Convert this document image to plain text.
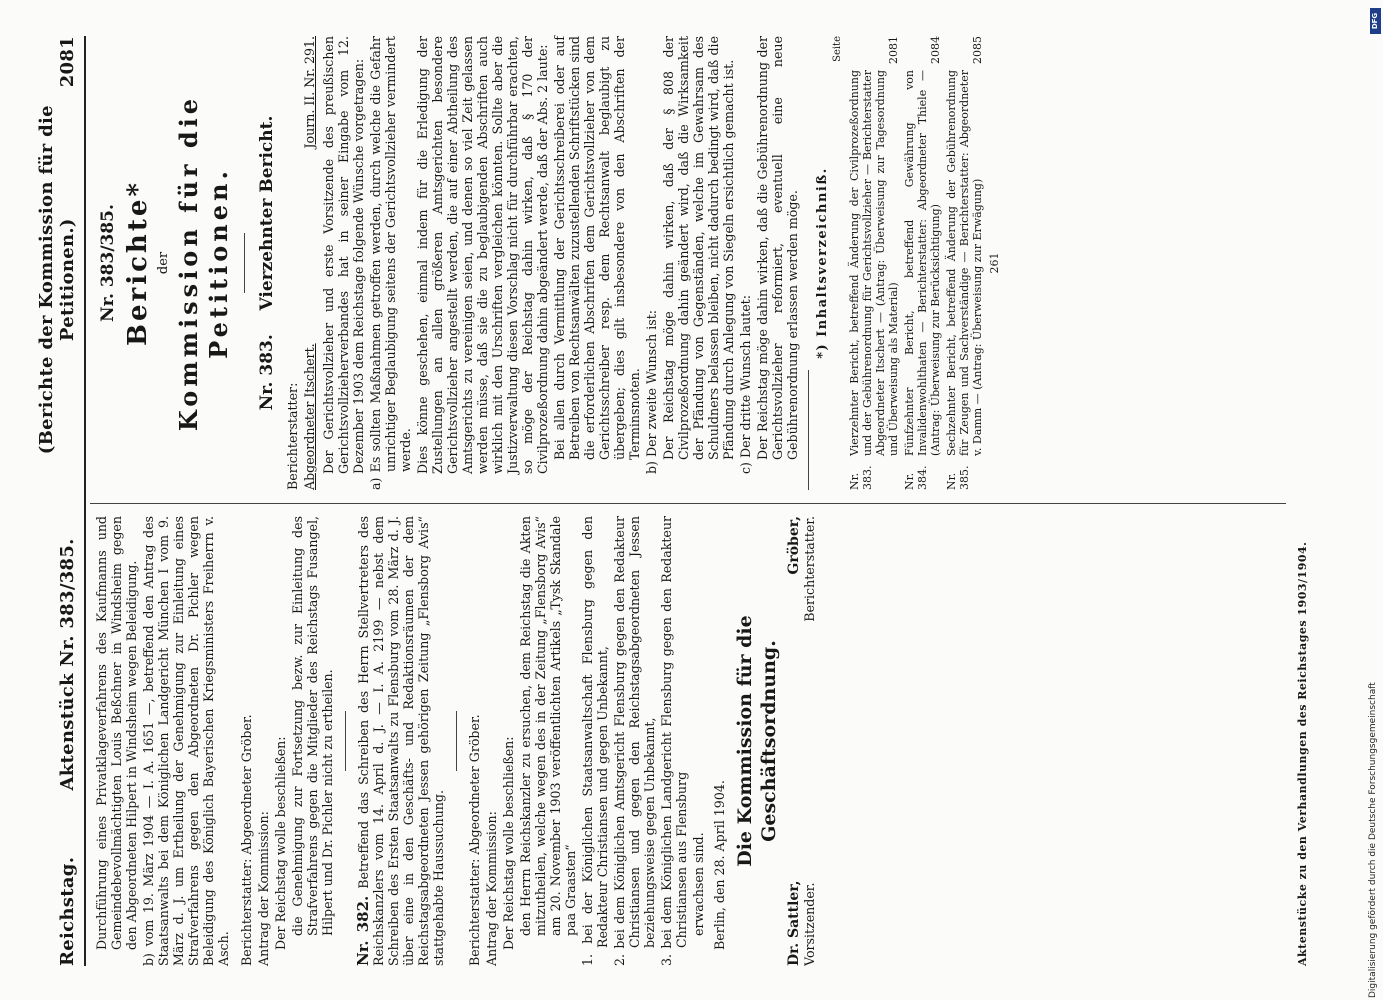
Reichstag.
Aktenstück Nr. 383/385.
(Berichte der Kommission für die Petitionen.)
2081

Durchführung eines Privatklageverfahrens des Kaufmanns und Gemeindebevollmächtigten Louis Beßchner in Windsheim gegen den Abgeordneten Hilpert in Windsheim wegen Beleidigung. b) vom 19. März 1904 — I. A. 1651 —, betreffend den Antrag des Staatsanwalts bei dem Königlichen Landgericht München I vom 9. März d. J. um Ertheilung der Genehmigung zur Einleitung eines Strafverfahrens gegen den Abgeordneten Dr. Pichler wegen Beleidigung des Königlich Bayerischen Kriegsministers Freiherrn v. Asch. Berichterstatter: Abgeordneter Gröber. Antrag der Kommission: Der Reichstag wolle beschließen: die Genehmigung zur Fortsetzung bezw. zur Einleitung des Strafverfahrens gegen die Mitglieder des Reichstags Fusangel, Hilpert und Dr. Pichler nicht zu ertheilen. Nr. 382. Betreffend das Schreiben des Herrn Stellvertreters des Reichskanzlers vom 14. April d. J. — I. A. 2199 — nebst dem Schreiben des Ersten Staatsanwalts zu Flensburg vom 28. März d. J. über eine in den Geschäfts- und Redaktionsräumen der dem Reichstagsabgeordneten Jessen gehörigen Zeitung „Flensborg Avis“ stattgehabte Haussuchung. Berichterstatter: Abgeordneter Gröber. Antrag der Kommission: Der Reichstag wolle beschließen: den Herrn Reichskanzler zu ersuchen, dem Reichstag die Akten mitzutheilen, welche wegen des in der Zeitung „Flensborg Avis“ am 20. November 1903 veröffentlichten Artikels „Tysk Skandale paa Graasten“ 1. bei der Königlichen Staatsanwaltschaft Flensburg gegen den Redakteur Christiansen und gegen Unbekannt, 2. bei dem Königlichen Amtsgericht Flensburg gegen den Redakteur Christiansen und gegen den Reichstagsabgeordneten Jessen beziehungsweise gegen Unbekannt, 3. bei dem Königlichen Landgericht Flensburg gegen den Redakteur Christiansen aus Flensburg erwachsen sind. Berlin, den 28. April 1904. Die Kommission für die Geschäftsordnung.
Dr. Sattler, Vorsitzender.
Gröber, Berichterstatter.
Nr. 383/385. Berichte* der Kommission für die Petitionen.
Nr. 383.    Vierzehnter Bericht.

Berichterstatter: Abgeordneter Itschert.
Journ. II. Nr. 291. Der Gerichtsvollzieher und erste Vorsitzende des preußischen Gerichtsvollzieherverbandes hat in seiner Eingabe vom 12. Dezember 1903 dem Reichstage folgende Wünsche vorgetragen: a) Es sollten Maßnahmen getroffen werden, durch welche die Gefahr unrichtiger Beglaubigung seitens der Gerichtsvollzieher vermindert werde. Dies könne geschehen, einmal indem für die Erledigung der Zustellungen an allen größeren Amtsgerichten besondere Gerichtsvollzieher angestellt werden, die auf einer Abtheilung des Amtsgerichts zu vereinigen seien, und denen so viel Zeit gelassen werden müsse, daß sie die zu beglaubigenden Abschriften auch wirklich mit den Urschriften vergleichen könnten. Sollte aber die Justizverwaltung diesen Vorschlag nicht für durchführbar erachten, so möge der Reichstag dahin wirken, daß § 170 der Civilprozeßordnung dahin abgeändert werde, daß der Abs. 2 laute: Bei allen durch Vermittlung der Gerichtsschreiberei oder auf Betreiben von Rechtsanwälten zuzustellenden Schriftstücken sind die erforderlichen Abschriften dem Gerichtsvollzieher von dem Gerichtsschreiber resp. dem Rechtsanwalt beglaubigt zu übergeben; dies gilt insbesondere von den Abschriften der Terminsnoten. b) Der zweite Wunsch ist: Der Reichstag möge dahin wirken, daß der § 808 der Civilprozeßordnung dahin geändert wird, daß die Wirksamkeit der Pfändung von Gegenständen, welche im Gewahrsam des Schuldners belassen bleiben, nicht dadurch bedingt wird, daß die Pfändung durch Anlegung von Siegeln ersichtlich gemacht ist. c) Der dritte Wunsch lautet: Der Reichstag möge dahin wirken, daß die Gebührenordnung der Gerichtsvollzieher reformiert, eventuell eine neue Gebührenordnung erlassen werden möge. *) Inhaltsverzeichniß.
Seite
Nr. 383.
Vierzehnter Bericht, betreffend Änderung der Civilprozeßordnung und der Gebührenordnung für Gerichtsvollzieher — Berichterstatter Abgeordneter Itschert — (Antrag: Überweisung zur Tagesordnung und Überweisung als Material)
2081
Nr. 384.
Fünfzehnter Bericht, betreffend Gewährung von Invalidenwohlthaten — Berichterstatter: Abgeordneter Thiele — (Antrag: Überweisung zur Berücksichtigung)
2084
Nr. 385.
Sechzehnter Bericht, betreffend Änderung der Gebührenordnung für Zeugen und Sachverständige — Berichterstatter: Abgeordneter v. Damm — (Antrag: Überweisung zur Erwägung)
2085
261
Aktenstücke zu den Verhandlungen des Reichstages 1903/1904.	Digitalisierung gefördert durch die Deutsche Forschungsgemeinschaft
DFG
